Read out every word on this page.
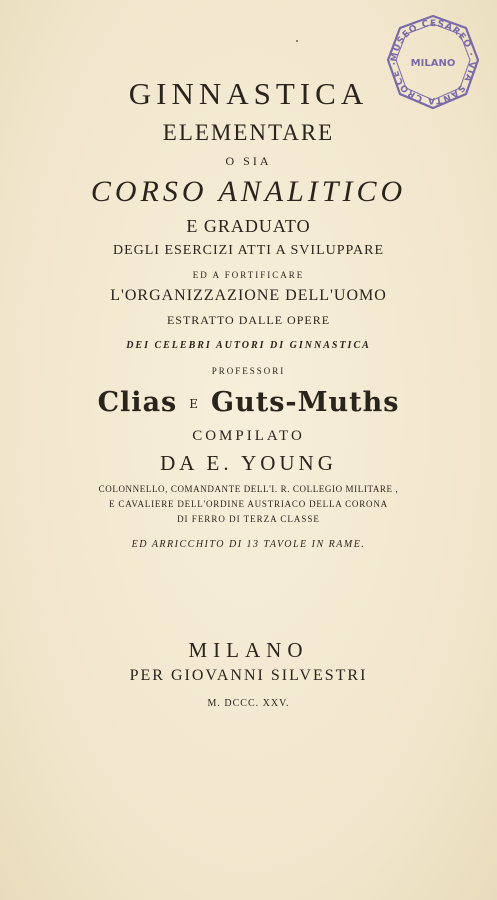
MUSEO CESAREO · VIA SANTA CROCE ·	MILANO
GINNASTICA
ELEMENTARE
O SIA
CORSO ANALITICO
E GRADUATO
DEGLI ESERCIZI ATTI A SVILUPPARE
ED A FORTIFICARE
L'ORGANIZZAZIONE DELL'UOMO
ESTRATTO DALLE OPERE
DEI CELEBRI AUTORI DI GINNASTICA
PROFESSORI
Clias E Guts-Muths
COMPILATO
DA E. YOUNG
COLONNELLO, COMANDANTE DELL'I. R. COLLEGIO MILITARE ,
E CAVALIERE DELL'ORDINE AUSTRIACO DELLA CORONA
DI FERRO DI TERZA CLASSE
ED ARRICCHITO DI 13 TAVOLE IN RAME.
MILANO
PER GIOVANNI SILVESTRI
M. DCCC. XXV.
